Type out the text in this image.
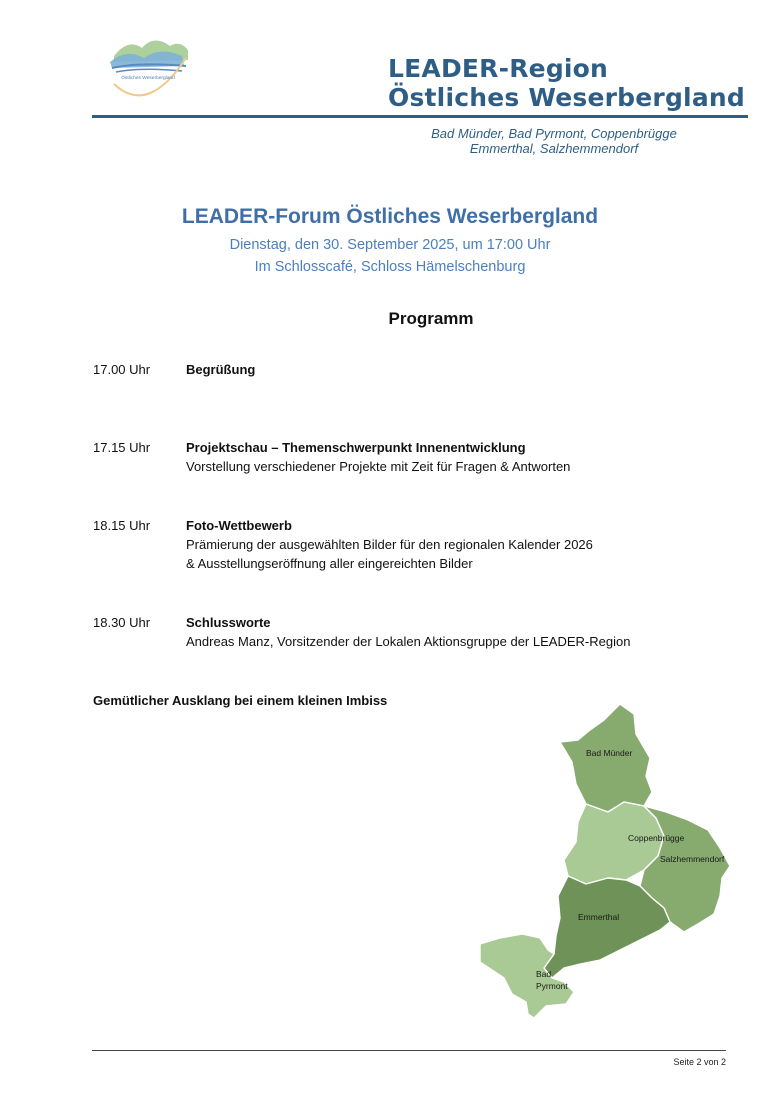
Östliches Weserbergland	LEADER-Region
Östliches Weserbergland
Bad Münder, Bad Pyrmont, Coppenbrügge
Emmerthal, Salzhemmendorf
LEADER-Forum Östliches Weserbergland
Dienstag, den 30. September 2025, um 17:00 Uhr
Im Schlosscafé, Schloss Hämelschenburg
Programm
17.00 Uhr	Begrüßung
17.15 Uhr	Projektschau – Themenschwerpunkt Innenentwicklung
Vorstellung verschiedener Projekte mit Zeit für Fragen & Antworten
18.15 Uhr	Foto-Wettbewerb
Prämierung der ausgewählten Bilder für den regionalen Kalender 2026
& Ausstellungseröffnung aller eingereichten Bilder
18.30 Uhr	Schlussworte
Andreas Manz, Vorsitzender der Lokalen Aktionsgruppe der LEADER-Region
Gemütlicher Ausklang bei einem kleinen Imbiss
Bad Münder
Coppenbrügge
Salzhemmendorf
Emmerthal
Bad
Pyrmont
Seite 2 von 2
